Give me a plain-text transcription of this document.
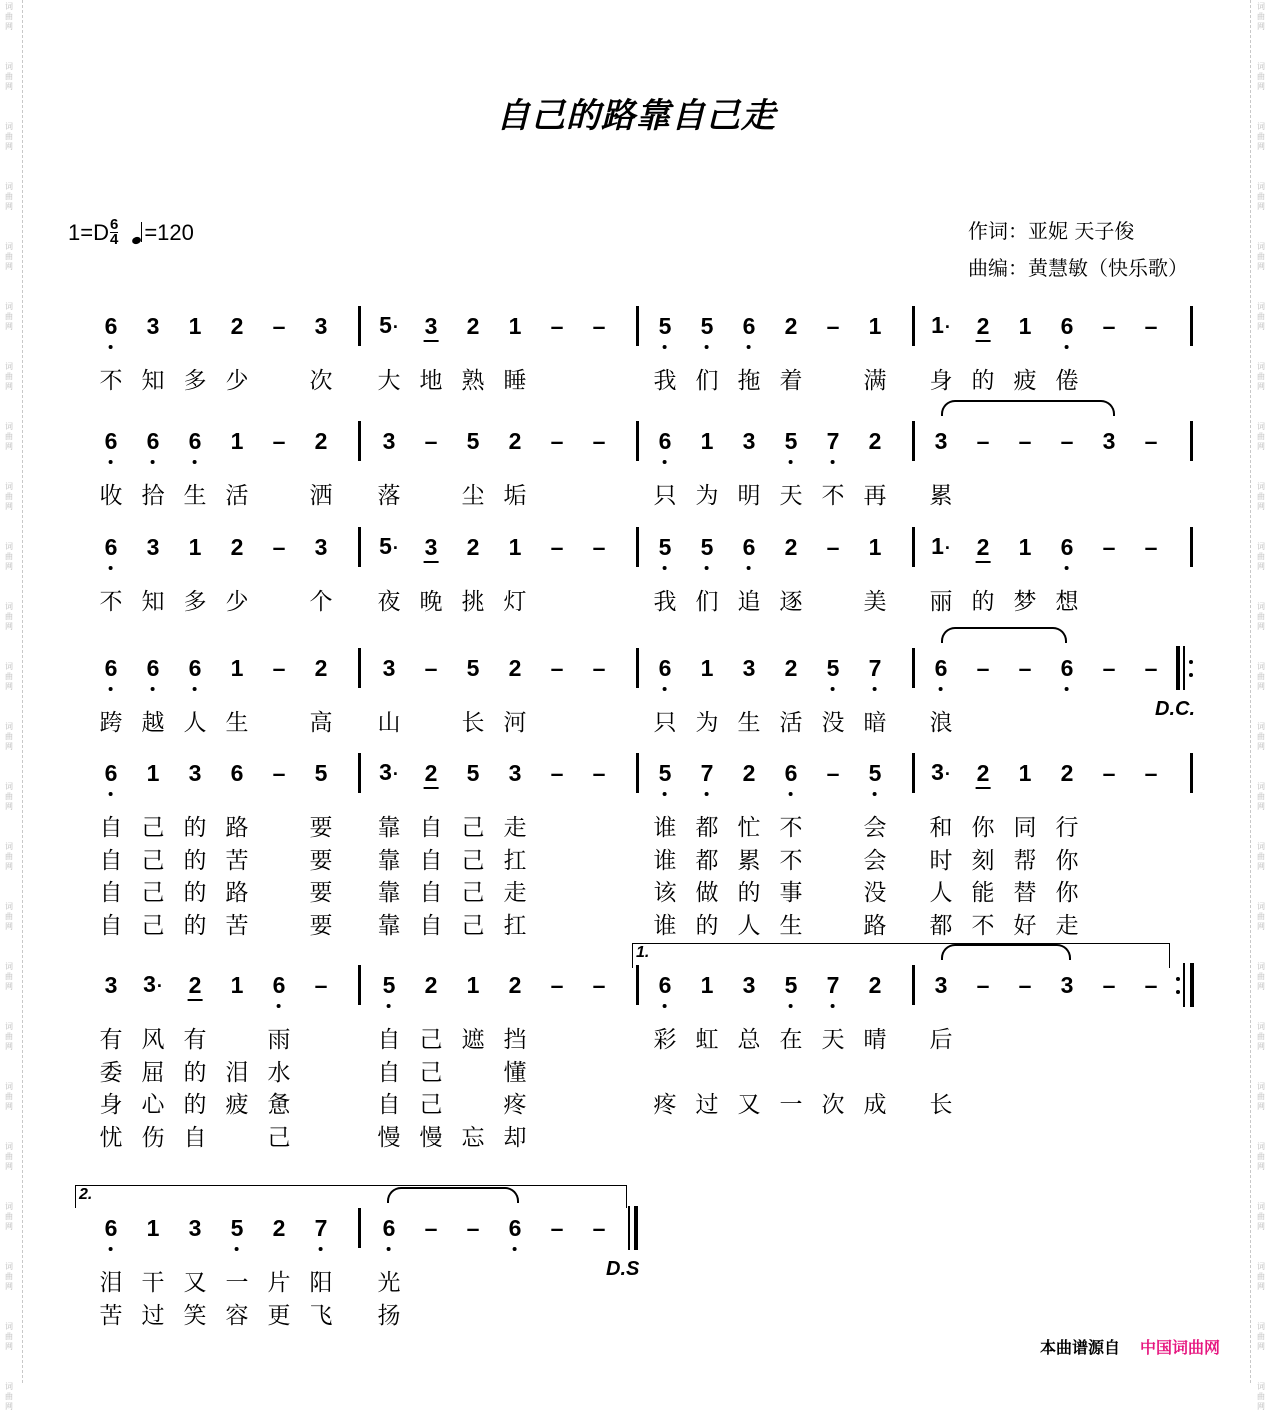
词
曲
网
词
曲
网
词
曲
网
词
曲
网
词
曲
网
词
曲
网
词
曲
网
词
曲
网
词
曲
网
词
曲
网
词
曲
网
词
曲
网
词
曲
网
词
曲
网
词
曲
网
词
曲
网
词
曲
网
词
曲
网
词
曲
网
词
曲
网
词
曲
网
词
曲
网
词
曲
网
词
曲
网
词
曲
网
词
曲
网
词
曲
网
词
曲
网
词
曲
网
词
曲
网
词
曲
网
词
曲
网
词
曲
网
词
曲
网
词
曲
网
词
曲
网
词
曲
网
词
曲
网
词
曲
网
词
曲
网
词
曲
网
词
曲
网
词
曲
网
词
曲
网
词
曲
网
词
曲
网
词
曲
网
词
曲
网
自己的路靠自己走
$1=D \frac{6}{4} =120$	作词：亚妮 天子俊
曲编：黄慧敏（快乐歌）
6 3 1 2 – 3
不 知 多 少	次
5· 3 2 1 – –
大 地 熟 睡
5 5 6 2 – 1
我 们 拖 着	满
1· 2 1 6 – –
身 的 疲 倦
6 6 6 1 – 2
收 拾 生 活	洒
3 – 5 2 – –
落	尘 垢
6 1 3 5 7 2
只 为 明 天 不 再
3 – – – 3 –
累
6 3 1 2 – 3
不 知 多 少	个
5· 3 2 1 – –
夜 晚 挑 灯
5 5 6 2 – 1
我 们 追 逐	美
1· 2 1 6 – –
丽 的 梦 想
6 6 6 1 – 2
跨 越 人 生	高
3 – 5 2 – –
山	长 河
6 1 3 2 5 7
只 为 生 活 没 暗
6 – – 6 – –
浪
6 1 3 6 – 5
自 己 的 路	要
自 己 的 苦	要
自 己 的 路	要
自 己 的 苦	要
3· 2 5 3 – –
靠 自 己 走
靠 自 己 扛
靠 自 己 走
靠 自 己 扛
5 7 2 6 – 5
谁 都 忙 不	会
谁 都 累 不	会
该 做 的 事	没
谁 的 人 生	路
3· 2 1 2 – –
和 你 同 行
时 刻 帮 你
人 能 替 你
都 不 好 走
3 3· 2 1 6 –
有 风 有	雨
委 屈 的 泪 水
身 心 的 疲 惫
忧 伤 自	己
5 2 1 2 – –
自 己 遮 挡
自 己	懂
自 己	疼
慢 慢 忘 却
6 1 3 5 7 2
彩 虹 总 在 天 晴
疼 过 又 一 次 成
3 – – 3 – –
后
长
6 1 3 5 2 7
泪 干 又 一 片 阳
苦 过 笑 容 更 飞
6 – – 6 – –
光
扬
1.
2.
D.C.
D.S
本曲谱源自 中国词曲网
